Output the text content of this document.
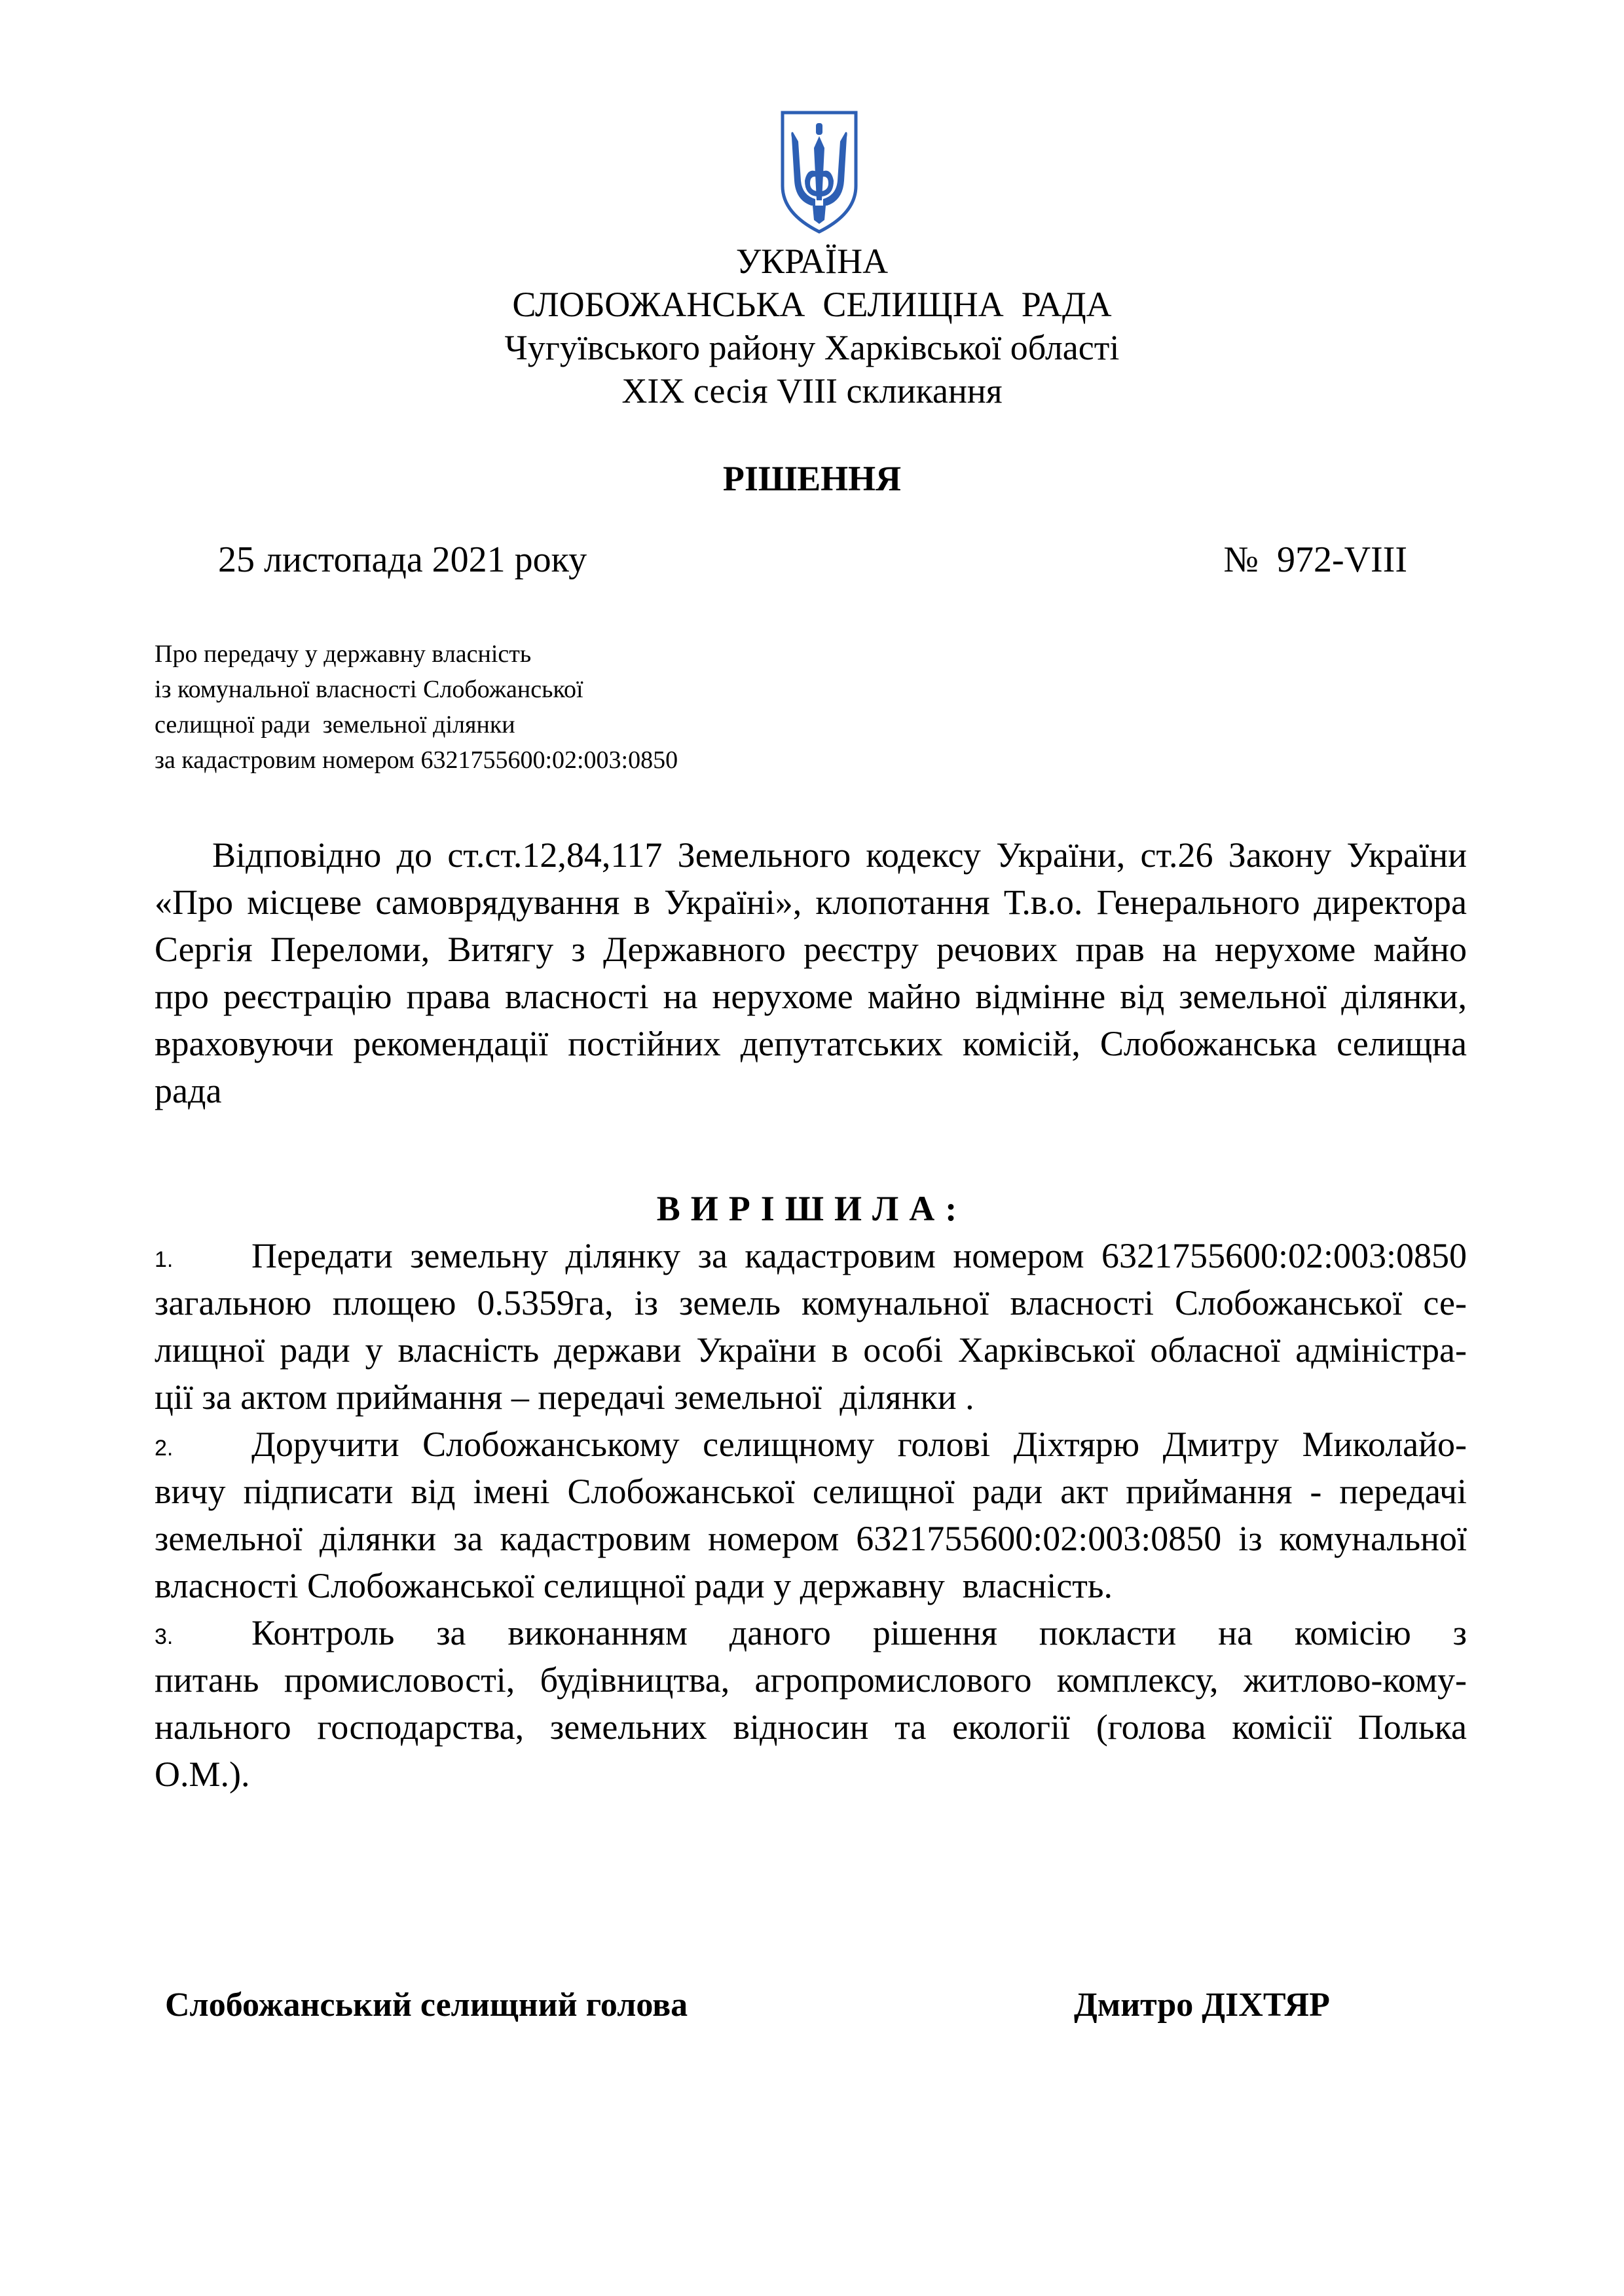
УКРАЇНА
СЛОБОЖАНСЬКА  СЕЛИЩНА  РАДА
Чугуївського району Харківської області
XIX сесія VIII скликання
РІШЕННЯ
25 листопада 2021 року	№  972-VIII
Про передачу у державну власність
із комунальної власності Слобожанської
селищної ради  земельної ділянки
за кадастровим номером 6321755600:02:003:0850
Відповідно до ст.ст.12,84,117 Земельного кодексу України, ст.26 Закону України
«Про місцеве самоврядування в Україні», клопотання Т.в.о. Генерального директора
Сергія Переломи, Витягу з Державного реєстру речових прав на нерухоме майно
про реєстрацію права власності на нерухоме майно відмінне від земельної ділянки,
враховуючи рекомендації постійних депутатських комісій, Слобожанська селищна
рада
ВИРІШИЛА:
1.	Передати земельну ділянку за кадастровим номером 6321755600:02:003:0850
загальною площею 0.5359га, із земель комунальної власності Слобожанської се-
лищної ради у власність держави України в особі Харківської обласної адміністра-
ції за актом приймання – передачі земельної  ділянки .
2.	Доручити Слобожанському селищному голові Діхтярю Дмитру Миколайо-
вичу підписати від імені Слобожанської селищної ради акт приймання - передачі
земельної ділянки за кадастровим номером 6321755600:02:003:0850 із комунальної
власності Слобожанської селищної ради у державну  власність.
3.	Контроль за виконанням даного рішення покласти на комісію з
питань промисловості, будівництва, агропромислового комплексу, житлово-кому-
нального господарства, земельних відносин та екології (голова комісії Полька
О.М.).
Слобожанський селищний голова	Дмитро ДІХТЯР
